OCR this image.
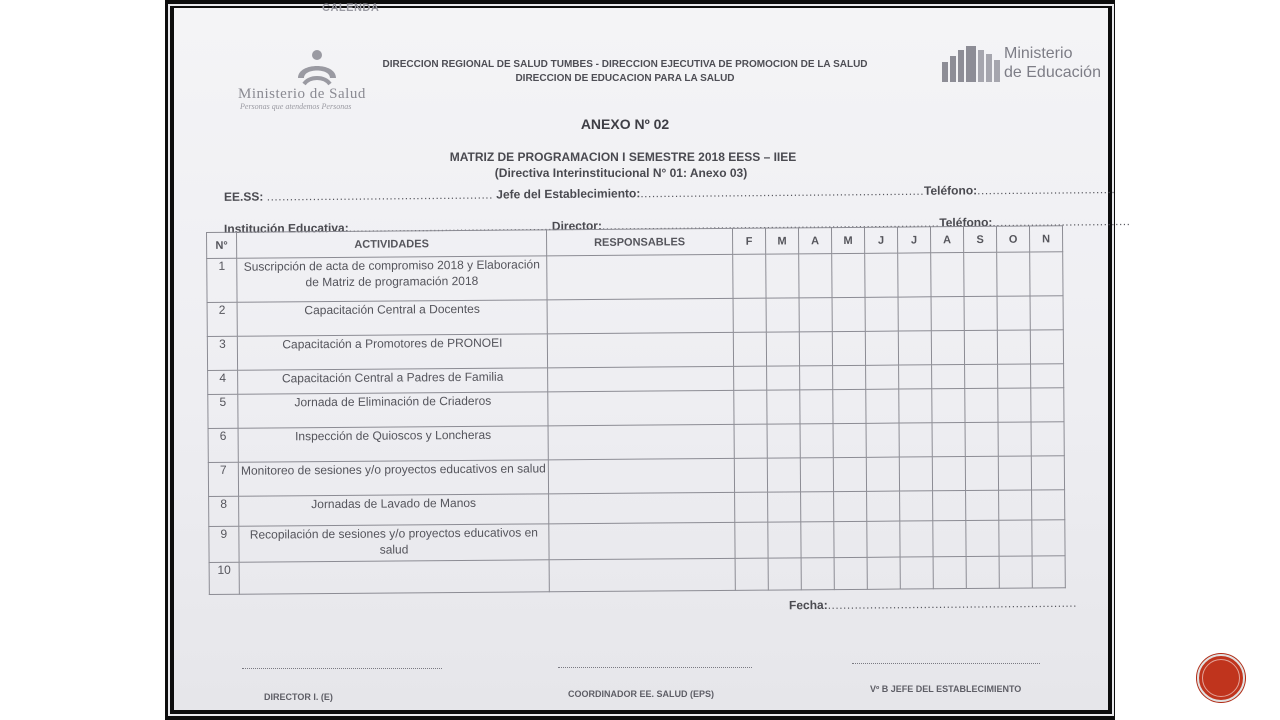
CALENDA
Ministerio de Salud
Personas que atendemos Personas
Ministerio
de Educación
DIRECCION REGIONAL DE SALUD TUMBES - DIRECCION EJECUTIVA DE PROMOCION DE LA SALUD
DIRECCION DE EDUCACION PARA LA SALUD
ANEXO Nº 02
MATRIZ DE PROGRAMACION I SEMESTRE 2018 EESS – IIEE
(Directiva Interinstitucional N° 01: Anexo 03)
EE.SS: ........................................................... Jefe del Establecimiento:..........................................................................Teléfono:....................................
Institución Educativa:.....................................................Director:........................................................................................Teléfono:....................................
N°	ACTIVIDADES	RESPONSABLES	F	M	A	M	J	J	A	S	O	N
1	Suscripción de acta de compromiso 2018 y Elaboración de Matriz de programación 2018											
2	Capacitación Central a Docentes											
3	Capacitación a Promotores de PRONOEI											
4	Capacitación Central a Padres de Familia											
5	Jornada de Eliminación de Criaderos											
6	Inspección de Quioscos y Loncheras											
7	Monitoreo de sesiones y/o proyectos educativos en salud											
8	Jornadas de Lavado de Manos											
9	Recopilación de sesiones y/o proyectos educativos en salud											
10												
Fecha:.................................................................
DIRECTOR I. (E)	COORDINADOR EE. SALUD (EPS)	Vº B JEFE DEL ESTABLECIMIENTO
